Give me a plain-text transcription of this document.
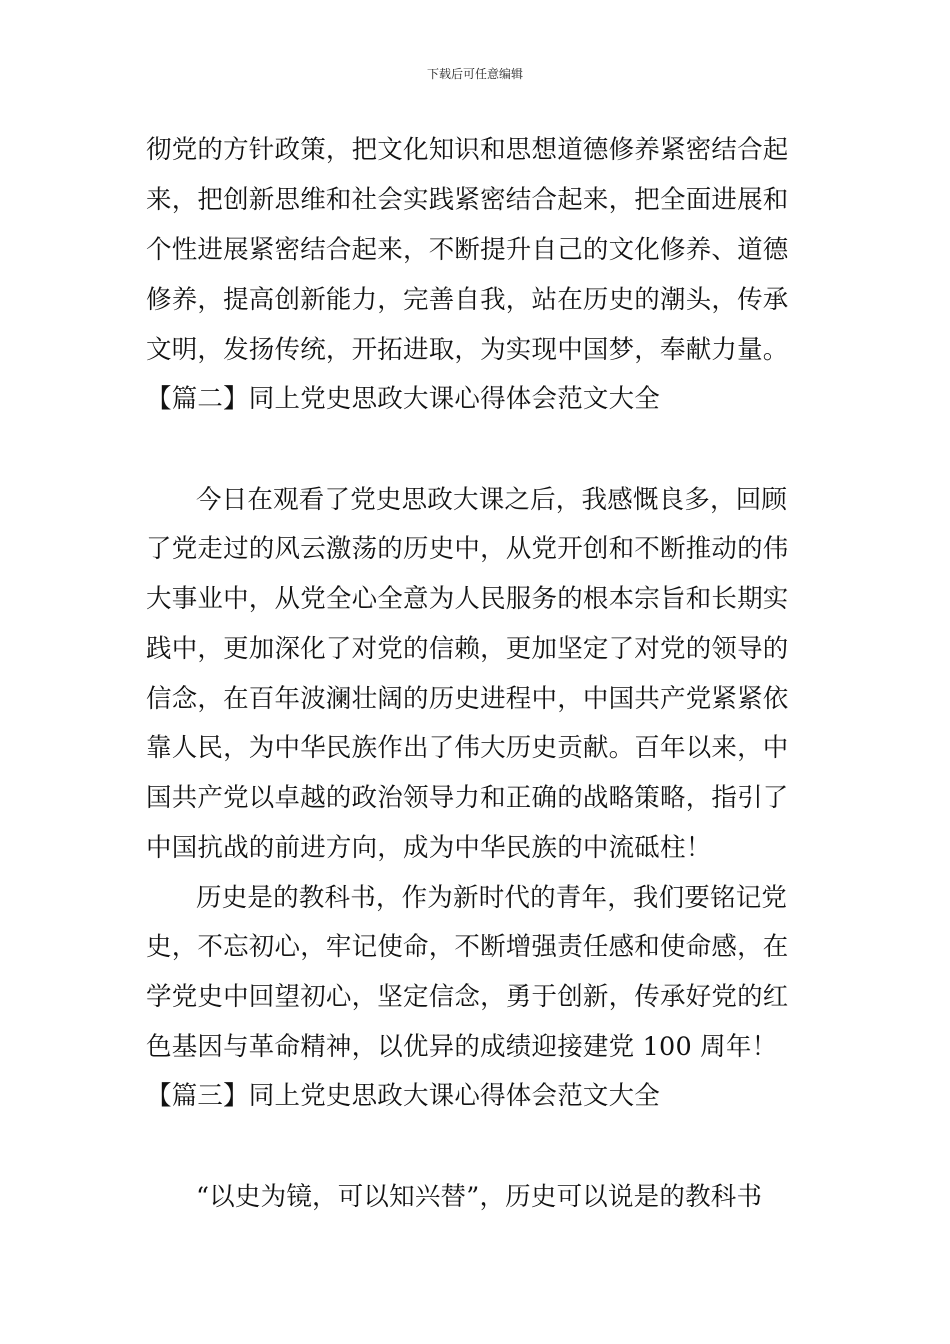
下载后可任意编辑
彻党的方针政策，把文化知识和思想道德修养紧密结合起
来，把创新思维和社会实践紧密结合起来，把全面进展和
个性进展紧密结合起来，不断提升自己的文化修养、道德
修养，提高创新能力，完善自我，站在历史的潮头，传承
文明，发扬传统，开拓进取，为实现中国梦，奉献力量。
【篇二】同上党史思政大课心得体会范文大全
今日在观看了党史思政大课之后，我感慨良多，回顾
了党走过的风云激荡的历史中，从党开创和不断推动的伟
大事业中，从党全心全意为人民服务的根本宗旨和长期实
践中，更加深化了对党的信赖，更加坚定了对党的领导的
信念，在百年波澜壮阔的历史进程中，中国共产党紧紧依
靠人民，为中华民族作出了伟大历史贡献。百年以来，中
国共产党以卓越的政治领导力和正确的战略策略，指引了
中国抗战的前进方向，成为中华民族的中流砥柱！
历史是的教科书，作为新时代的青年，我们要铭记党
史，不忘初心，牢记使命，不断增强责任感和使命感，在
学党史中回望初心，坚定信念，勇于创新，传承好党的红
色基因与革命精神，以优异的成绩迎接建党 100 周年！
【篇三】同上党史思政大课心得体会范文大全
“以史为镜，可以知兴替”，历史可以说是的教科书
